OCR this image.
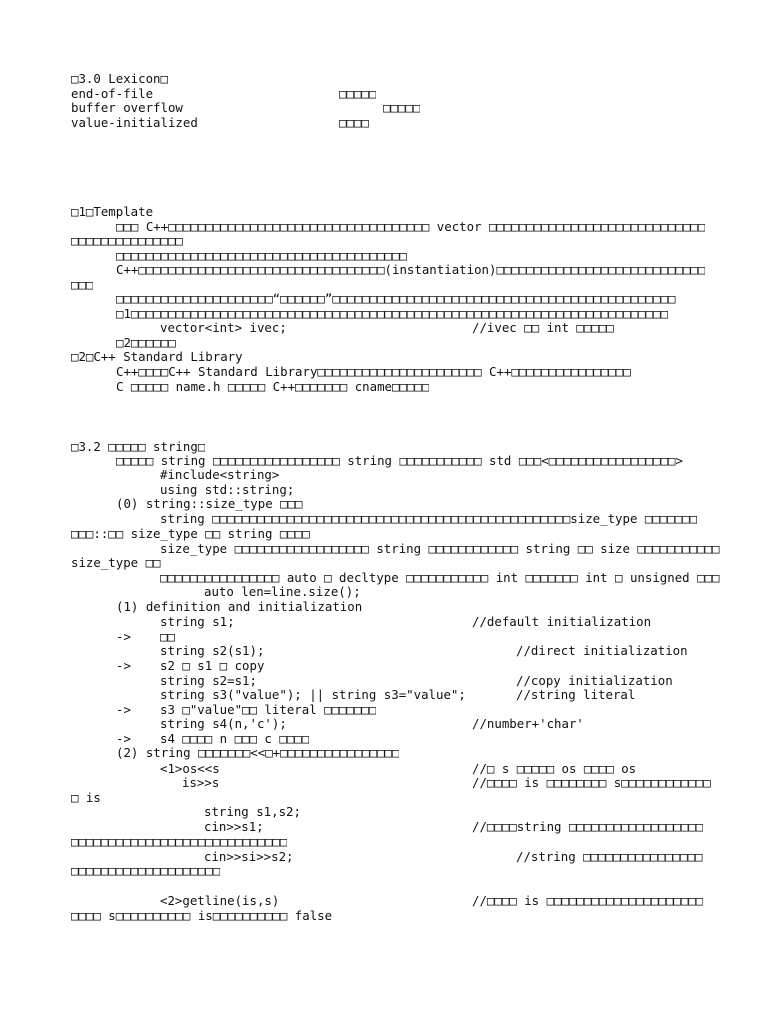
□3.0 Lexicon□
end-of-file	□□□□□
buffer overflow	□□□□□
value-initialized	□□□□
□1□Template
□□□ C++□□□□□□□□□□□□□□□□□□□□□□□□□□□□□□□□□□□ vector □□□□□□□□□□□□□□□□□□□□□□□□□□□□□
□□□□□□□□□□□□□□□
□□□□□□□□□□□□□□□□□□□□□□□□□□□□□□□□□□□□□□□
C++□□□□□□□□□□□□□□□□□□□□□□□□□□□□□□□□□(instantiation)□□□□□□□□□□□□□□□□□□□□□□□□□□□□
□□□
□□□□□□□□□□□□□□□□□□□□□“□□□□□□”□□□□□□□□□□□□□□□□□□□□□□□□□□□□□□□□□□□□□□□□□□□□□□
□1□□□□□□□□□□□□□□□□□□□□□□□□□□□□□□□□□□□□□□□□□□□□□□□□□□□□□□□□□□□□□□□□□□□□□□□□
vector<int> ivec;	//ivec □□ int □□□□□
□2□□□□□□
□2□C++ Standard Library
C++□□□□C++ Standard Library□□□□□□□□□□□□□□□□□□□□□□ C++□□□□□□□□□□□□□□□□
C □□□□□ name.h □□□□□ C++□□□□□□□ cname□□□□□
□3.2 □□□□□ string□
□□□□□ string □□□□□□□□□□□□□□□□□ string □□□□□□□□□□□ std □□□<□□□□□□□□□□□□□□□□□>
#include<string>
using std::string;
(0) string::size_type □□□
string □□□□□□□□□□□□□□□□□□□□□□□□□□□□□□□□□□□□□□□□□□□□□□□□size_type □□□□□□□
□□□::□□ size_type □□ string □□□□
size_type □□□□□□□□□□□□□□□□□□ string □□□□□□□□□□□□ string □□ size □□□□□□□□□□□
size_type □□
□□□□□□□□□□□□□□□□ auto □ decltype □□□□□□□□□□□ int □□□□□□□ int □ unsigned □□□
auto len=line.size();
(1) definition and initialization
string s1;	//default initialization
-> □□
string s2(s1);	//direct initialization
-> s2 □ s1 □ copy
string s2=s1;	//copy initialization
string s3("value"); || string s3="value";	//string literal
-> s3 □"value"□□ literal □□□□□□□
string s4(n,'c');	//number+'char'
-> s4 □□□□ n □□□ c □□□□
(2) string □□□□□□□<<□+□□□□□□□□□□□□□□□□
<1>os<<s	//□ s □□□□□ os □□□□ os
is>>s	//□□□□ is □□□□□□□□ s□□□□□□□□□□□□
□ is
string s1,s2;
cin>>s1;	//□□□□string □□□□□□□□□□□□□□□□□□
□□□□□□□□□□□□□□□□□□□□□□□□□□□□□
cin>>si>>s2;	//string □□□□□□□□□□□□□□□□
□□□□□□□□□□□□□□□□□□□□
<2>getline(is,s)	//□□□□ is □□□□□□□□□□□□□□□□□□□□□
□□□□ s□□□□□□□□□□ is□□□□□□□□□□ false
